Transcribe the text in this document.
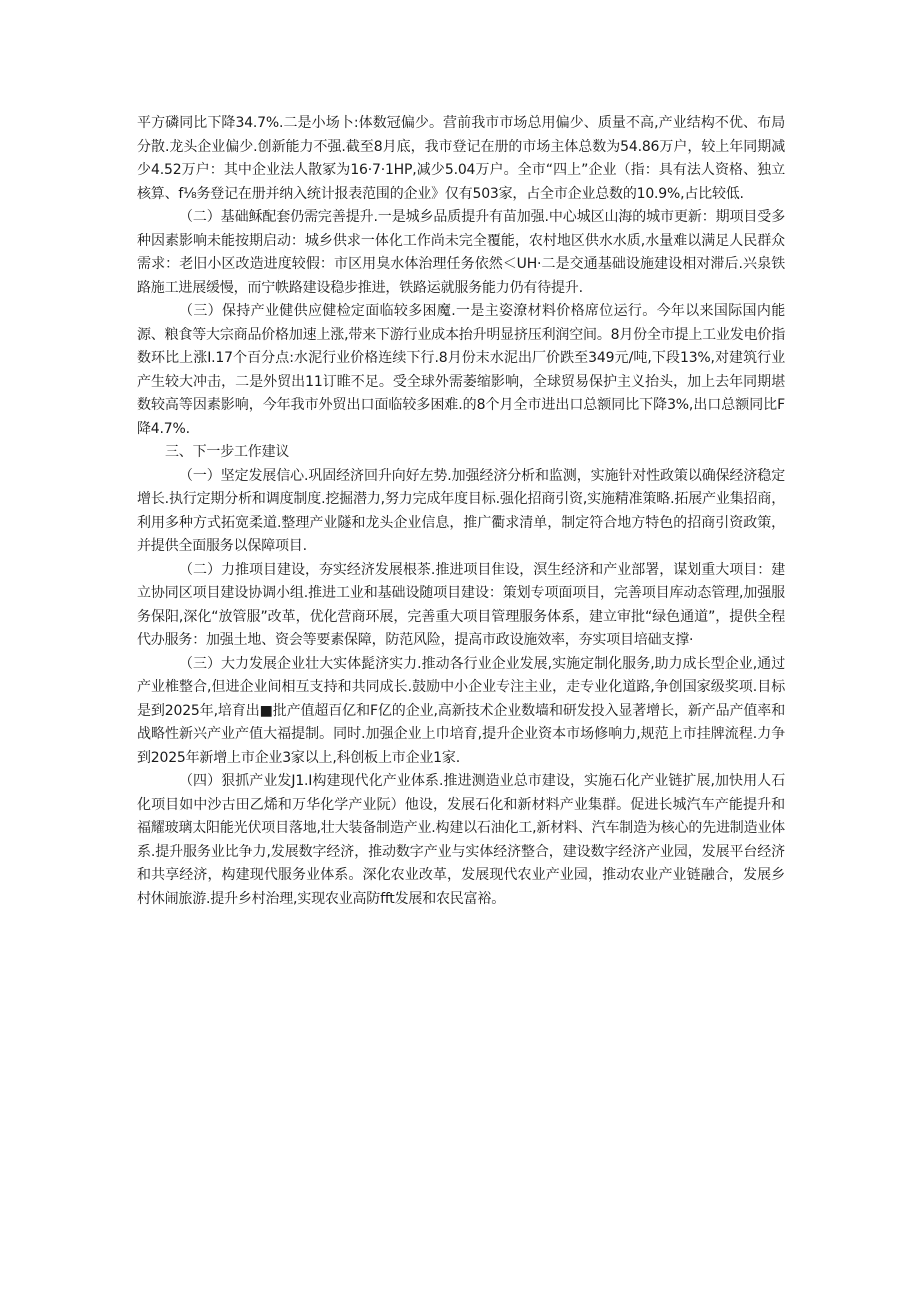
平方磷同比下降34.7%.二是小场卜:体数冠偏少。营前我市市场总用偏少、质量不高,产业结构不优、布局分散.龙头企业偏少.创新能力不强.截至8月底，我市登记在册的市场主体总数为54.86万户，较上年同期减少4.52万户：其中企业法人散冢为16·7·1HP,减少5.04万户。全市“四上”企业（指：具有法人资格、独立核算、f⅛务登记在册并纳入统计报表范围的企业》仅有503家，占全市企业总数的10.9%,占比较低.

（二）基础稣配套仍需完善提升.一是城乡品质提升有苗加强.中心城区山海的城市更新：期项目受多种因素影响未能按期启动：城乡供求一体化工作尚未完全覆能，农村地区供水水质,水量难以满足人民群众需求：老旧小区改造进度较假：市区用臭水体治理任务依然＜UH·二是交通基础设施建设相对滞后.兴泉铁路施工进展缓慢，而宁帙路建设稳步推进，铁路运就服务能力仍有待提升.

（三）保持产业健供应健检定面临较多困魔.一是主姿潦材料价格席位运行。今年以来国际国内能源、粮食等大宗商品价格加速上涨,带来下游行业成本抬升明显挤压利润空间。8月份全市提上工业发电价指数环比上涨I.17个百分点:水泥行业价格连续下行.8月份末水泥出厂价跌至349元/吨,下段13%,对建筑行业产生较大冲击，二是外贸出11订睢不足。受全球外需萎缩影响，全球贸易保护主义抬头，加上去年同期堪数较高等因素影响，今年我市外贸出口面临较多困难.的8个月全市进出口总额同比下降3%,出口总额同比F降4.7%.

三、下一步工作建议

（一）坚定发展信心.巩固经济回升向好左势.加强经济分析和监测，实施针对性政策以确保经济稳定增长.执行定期分析和调度制度.挖掘潜力,努力完成年度目标.强化招商引资,实施精准策略.拓展产业集招商，利用多种方式拓宽柔道.整理产业隧和龙头企业信息，推广衢求清单，制定符合地方特色的招商引资政策，并提供全面服务以保障项目.

（二）力推项目建设，夯实经济发展根茶.推进项目隹设，溟生经济和产业部署，谋划重大项目：建立协同区项目建设协调小组.推进工业和基础设随项目建设：策划专项面项目，完善项目库动态管理,加强服务保阳,深化“放管服”改革，优化营商环展，完善重大项目管理服务体系，建立审批“绿色通道”，提供全程代办服务：加强土地、资会等要素保障，防范风险，提高市政设施效率，夯实项目培础支撑·

（三）大力发展企业壮大实体髭济实力.推动各行业企业发展,实施定制化服务,助力成长型企业,通过产业椎整合,但进企业间相互支持和共同成长.鼓励中小企业专注主业，走专业化道路,争创国家级奖项.目标是到2025年,培育出■批产值超百亿和F亿的企业,高新技术企业数墙和研发投入显著增长，新产品产值率和战略性新兴产业产值大福提制。同时.加强企业上巾培育,提升企业资本市场修响力,规范上市挂牌流程.力争到2025年新增上市企业3家以上,科创板上市企业1家.

（四）狠抓产业发J1.I构建现代化产业体系.推进测造业总市建设，实施石化产业链扩展,加快用人石化项目如中沙古田乙烯和万华化学产业阮）他设，发展石化和新材料产业集群。促进长城汽车产能提升和福耀玻璃太阳能光伏项目落地,壮大装备制造产业.构建以石油化工,新材料、汽车制造为核心的先进制造业体系.提升服务业比争力,发展数字经济，推动数字产业与实体经济整合，建设数字经济产业园，发展平台经济和共享经济，构建现代服务业体系。深化农业改革，发展现代农业产业园，推动农业产业链融合，发展乡村休闹旅游.提升乡村治理,实现农业高防fft发展和农民富裕。
